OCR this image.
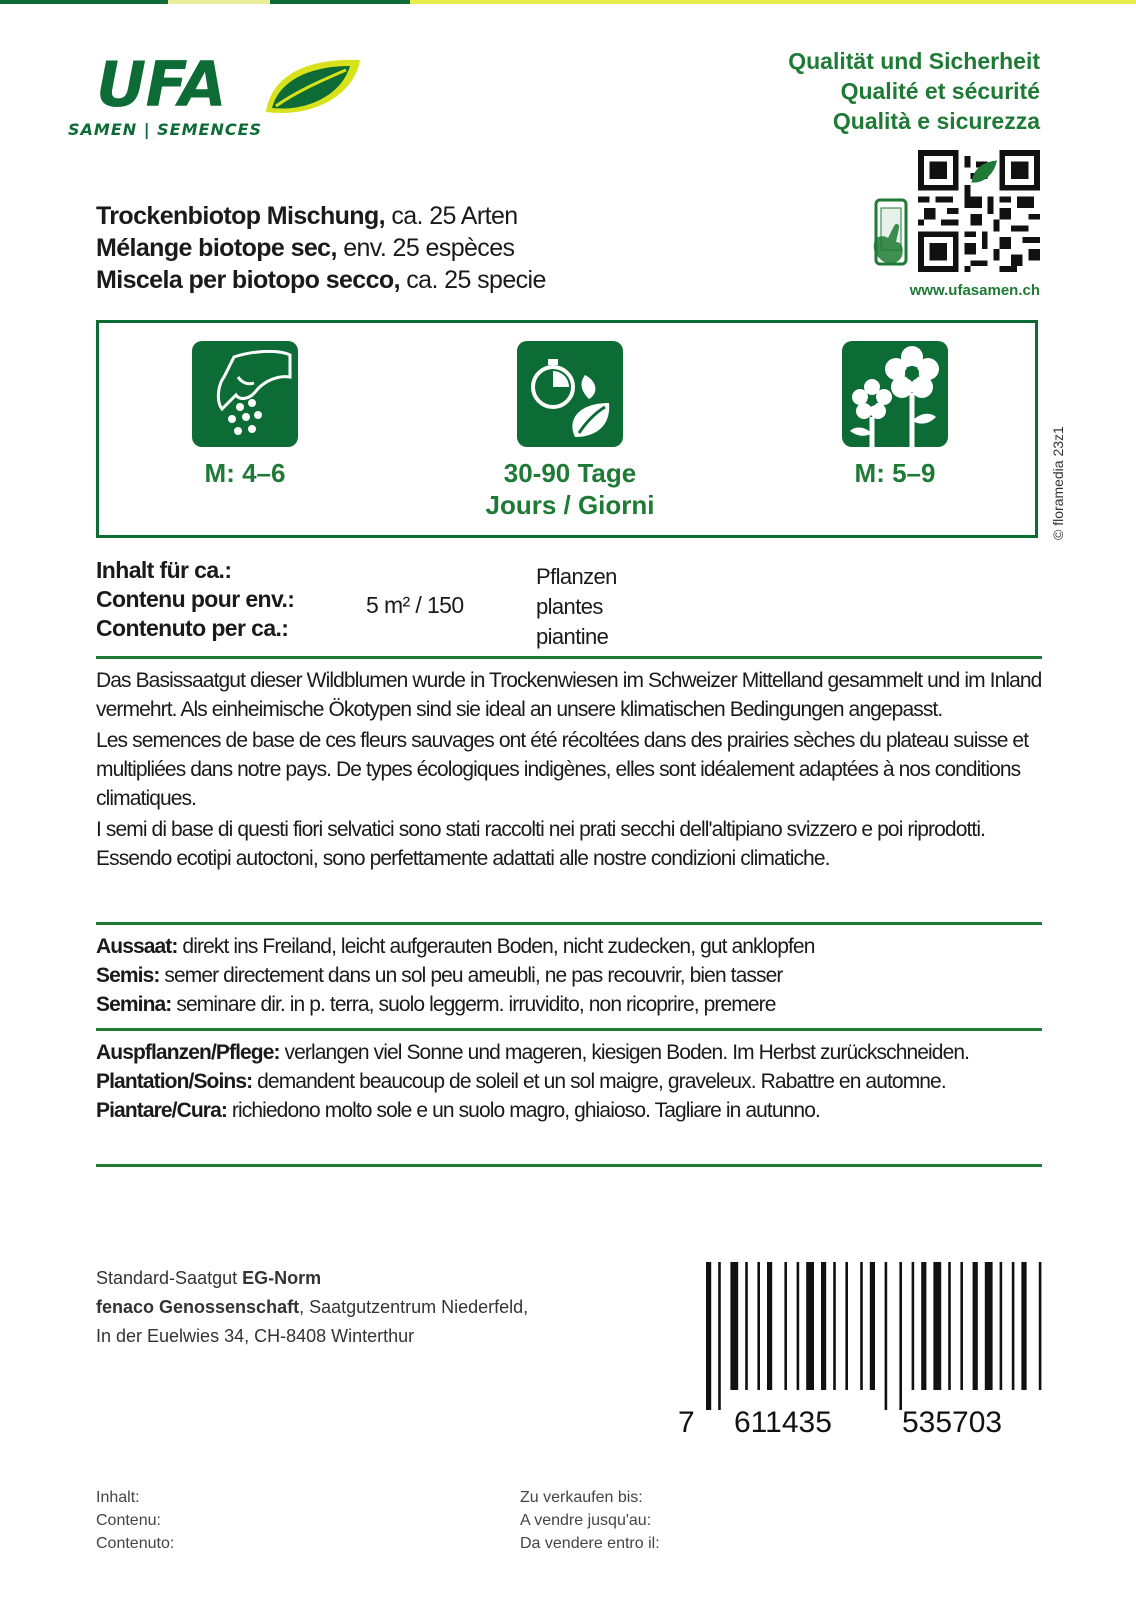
UFA
SAMEN | SEMENCES
Qualität und Sicherheit
Qualité et sécurité
Qualità e sicurezza
www.ufasamen.ch
Trockenbiotop Mischung, ca. 25 Arten
Mélange biotope sec, env. 25 espèces
Miscela per biotopo secco, ca. 25 specie
M: 4–6	30-90 Tage
Jours / Giorni
M: 5–9	© floramedia 23z1
Inhalt für ca.:
Contenu pour env.:
Contenuto per ca.:
5 m² / 150
Pflanzen
plantes
piantine

Das Basissaatgut dieser Wildblumen wurde in Trockenwiesen im Schweizer Mittelland gesammelt und im Inland vermehrt. Als einheimische Ökotypen sind sie ideal an unsere klimatischen Bedingungen angepasst.

Les semences de base de ces fleurs sauvages ont été récoltées dans des prairies sèches du plateau suisse et multipliées dans notre pays. De types écologiques indigènes, elles sont idéalement adaptées à nos conditions climatiques.

I semi di base di questi fiori selvatici sono stati raccolti nei prati secchi dell'altipiano svizzero e poi riprodotti. Essendo ecotipi autoctoni, sono perfettamente adattati alle nostre condizioni climatiche.

Aussaat: direkt ins Freiland, leicht aufgerauten Boden, nicht zudecken, gut anklopfen

Semis: semer directement dans un sol peu ameubli, ne pas recouvrir, bien tasser

Semina: seminare dir. in p. terra, suolo leggerm. irruvidito, non ricoprire, premere

Auspflanzen/Pflege: verlangen viel Sonne und mageren, kiesigen Boden. Im Herbst zurückschneiden.

Plantation/Soins: demandent beaucoup de soleil et un sol maigre, graveleux. Rabattre en automne.

Piantare/Cura: richiedono molto sole e un suolo magro, ghiaioso. Tagliare in autunno.

Standard-Saatgut EG-Norm
fenaco Genossenschaft, Saatgutzentrum Niederfeld,
In der Euelwies 34, CH-8408 Winterthur
7 611435 535703
Inhalt:
Contenu:
Contenuto:
Zu verkaufen bis:
A vendre jusqu'au:
Da vendere entro il:
